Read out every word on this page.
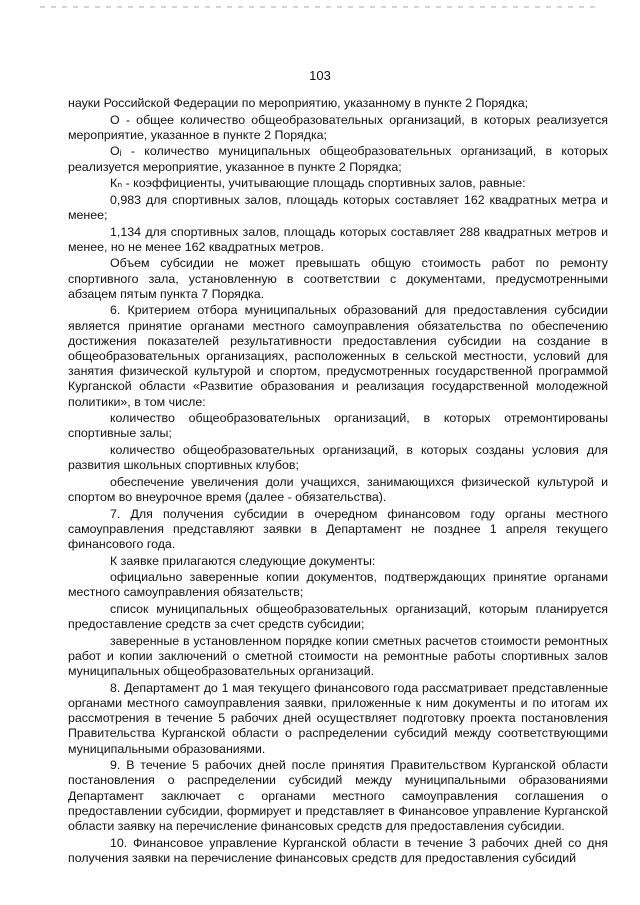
103

науки Российской Федерации по мероприятию, указанному в пункте 2 Порядка;

О - общее количество общеобразовательных организаций, в которых реализуется мероприятие, указанное в пункте 2 Порядка;

Оᵢ - количество муниципальных общеобразовательных организаций, в которых реализуется мероприятие, указанное в пункте 2 Порядка;

Кₙ - коэффициенты, учитывающие площадь спортивных залов, равные:

0,983 для спортивных залов, площадь которых составляет 162 квадратных метра и менее;

1,134 для спортивных залов, площадь которых составляет 288 квадратных метров и менее, но не менее 162 квадратных метров.

Объем субсидии не может превышать общую стоимость работ по ремонту спортивного зала, установленную в соответствии с документами, предусмотренными абзацем пятым пункта 7 Порядка.

6. Критерием отбора муниципальных образований для предоставления субсидии является принятие органами местного самоуправления обязательства по обеспечению достижения показателей результативности предоставления субсидии на создание в общеобразовательных организациях, расположенных в сельской местности, условий для занятия физической культурой и спортом, предусмотренных государственной программой Курганской области «Развитие образования и реализация государственной молодежной политики», в том числе:

количество общеобразовательных организаций, в которых отремонтированы спортивные залы;

количество общеобразовательных организаций, в которых созданы условия для развития школьных спортивных клубов;

обеспечение увеличения доли учащихся, занимающихся физической культурой и спортом во внеурочное время (далее - обязательства).

7. Для получения субсидии в очередном финансовом году органы местного самоуправления представляют заявки в Департамент не позднее 1 апреля текущего финансового года.

К заявке прилагаются следующие документы:

официально заверенные копии документов, подтверждающих принятие органами местного самоуправления обязательств;

список муниципальных общеобразовательных организаций, которым планируется предоставление средств за счет средств субсидии;

заверенные в установленном порядке копии сметных расчетов стоимости ремонтных работ и копии заключений о сметной стоимости на ремонтные работы спортивных залов муниципальных общеобразовательных организаций.

8. Департамент до 1 мая текущего финансового года рассматривает представленные органами местного самоуправления заявки, приложенные к ним документы и по итогам их рассмотрения в течение 5 рабочих дней осуществляет подготовку проекта постановления Правительства Курганской области о распределении субсидий между соответствующими муниципальными образованиями.

9. В течение 5 рабочих дней после принятия Правительством Курганской области постановления о распределении субсидий между муниципальными образованиями Департамент заключает с органами местного самоуправления соглашения о предоставлении субсидии, формирует и представляет в Финансовое управление Курганской области заявку на перечисление финансовых средств для предоставления субсидии.

10. Финансовое управление Курганской области в течение 3 рабочих дней со дня получения заявки на перечисление финансовых средств для предоставления субсидий
